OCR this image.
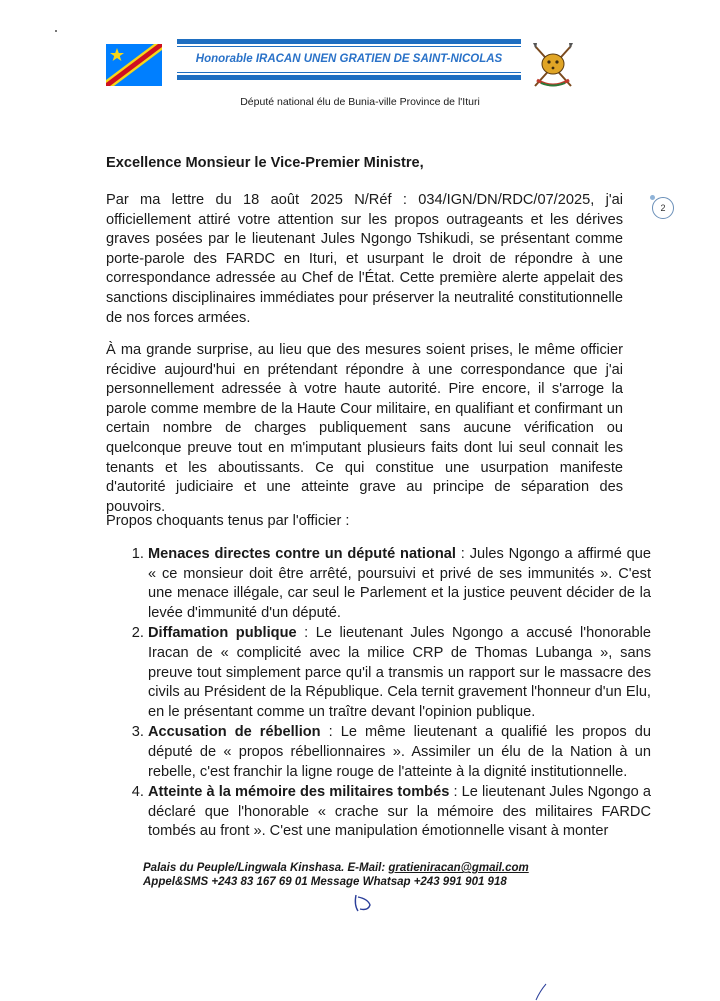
Honorable IRACAN UNEN GRATIEN DE SAINT-NICOLAS
Député national élu de Bunia-ville Province de l'Ituri
2
Excellence Monsieur le Vice-Premier Ministre,
Par ma lettre du 18 août 2025 N/Réf : 034/IGN/DN/RDC/07/2025, j'ai officiellement attiré votre attention sur les propos outrageants et les dérives graves posées par le lieutenant Jules Ngongo Tshikudi, se présentant comme porte-parole des FARDC en Ituri, et usurpant le droit de répondre à une correspondance adressée au Chef de l'État. Cette première alerte appelait des sanctions disciplinaires immédiates pour préserver la neutralité constitutionnelle de nos forces armées.
À ma grande surprise, au lieu que des mesures soient prises, le même officier récidive aujourd'hui en prétendant répondre à une correspondance que j'ai personnellement adressée à votre haute autorité. Pire encore, il s'arroge la parole comme membre de la Haute Cour militaire, en qualifiant et confirmant un certain nombre de charges publiquement sans aucune vérification ou quelconque preuve tout en m'imputant plusieurs faits dont lui seul connait les tenants et les aboutissants. Ce qui constitue une usurpation manifeste d'autorité judiciaire et une atteinte grave au principe de séparation des pouvoirs.
Propos choquants tenus par l'officier :
1. Menaces directes contre un député national : Jules Ngongo a affirmé que « ce monsieur doit être arrêté, poursuivi et privé de ses immunités ». C'est une menace illégale, car seul le Parlement et la justice peuvent décider de la levée d'immunité d'un député.
2. Diffamation publique : Le lieutenant Jules Ngongo a accusé l'honorable Iracan de « complicité avec la milice CRP de Thomas Lubanga », sans preuve tout simplement parce qu'il a transmis un rapport sur le massacre des civils au Président de la République. Cela ternit gravement l'honneur d'un Elu, en le présentant comme un traître devant l'opinion publique.
3. Accusation de rébellion : Le même lieutenant a qualifié les propos du député de « propos rébellionnaires ». Assimiler un élu de la Nation à un rebelle, c'est franchir la ligne rouge de l'atteinte à la dignité institutionnelle.
4. Atteinte à la mémoire des militaires tombés : Le lieutenant Jules Ngongo a déclaré que l'honorable « crache sur la mémoire des militaires FARDC tombés au front ». C'est une manipulation émotionnelle visant à monter
Palais du Peuple/Lingwala Kinshasa. E-Mail: gratieniracan@gmail.com
Appel&SMS +243 83 167 69 01 Message Whatsap +243 991 901 918
